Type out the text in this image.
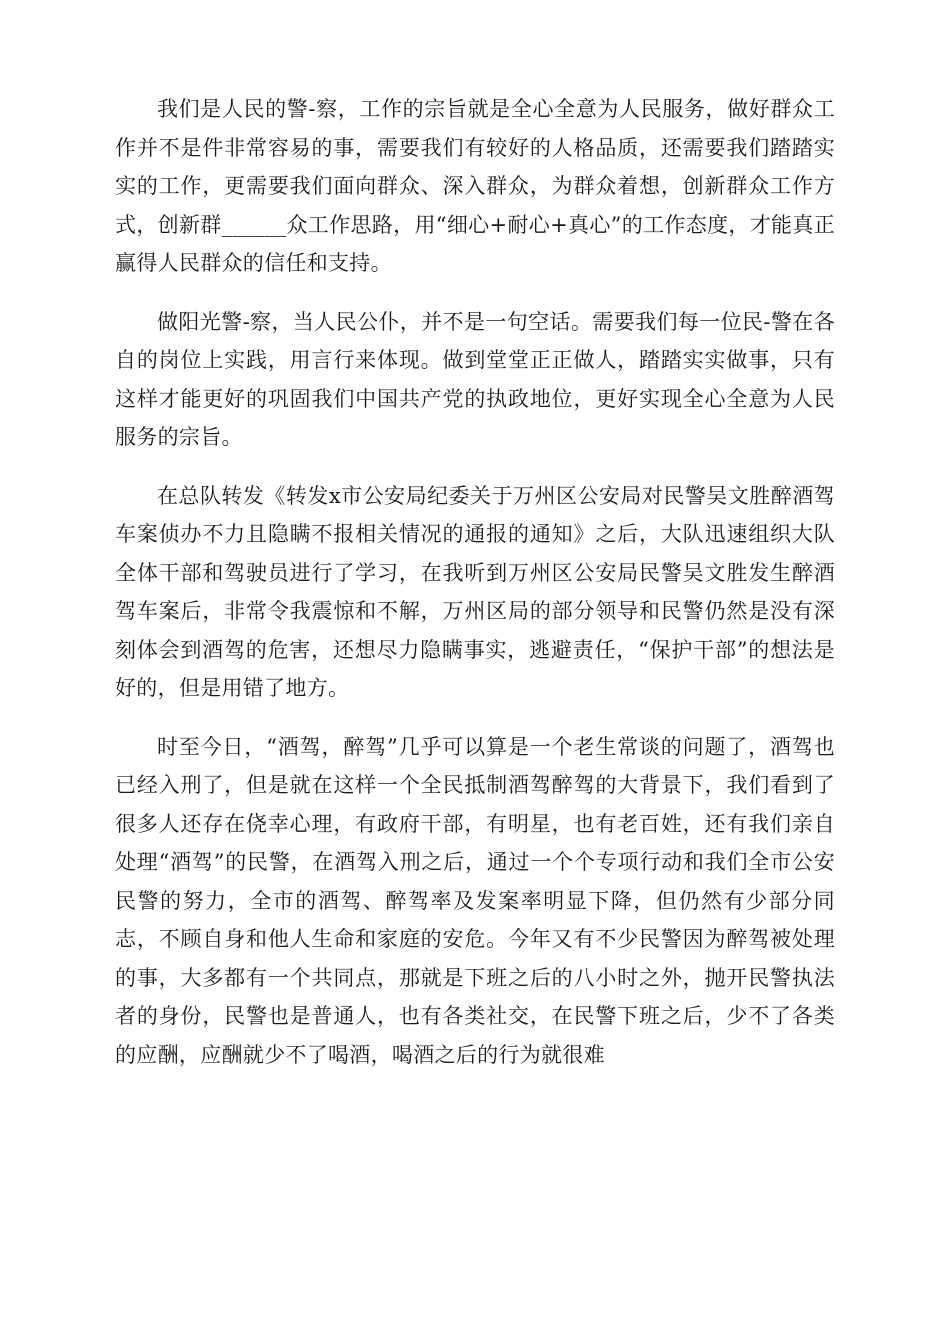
我们是人民的警-察，工作的宗旨就是全心全意为人民服务，做好群众工作并不是件非常容易的事，需要我们有较好的人格品质，还需要我们踏踏实实的工作，更需要我们面向群众、深入群众，为群众着想，创新群众工作方式，创新群______众工作思路，用“细心+耐心+真心”的工作态度，才能真正赢得人民群众的信任和支持。

做阳光警-察，当人民公仆，并不是一句空话。需要我们每一位民-警在各自的岗位上实践，用言行来体现。做到堂堂正正做人，踏踏实实做事，只有这样才能更好的巩固我们中国共产党的执政地位，更好实现全心全意为人民服务的宗旨。

在总队转发《转发x市公安局纪委关于万州区公安局对民警吴文胜醉酒驾车案侦办不力且隐瞒不报相关情况的通报的通知》之后，大队迅速组织大队全体干部和驾驶员进行了学习，在我听到万州区公安局民警吴文胜发生醉酒驾车案后，非常令我震惊和不解，万州区局的部分领导和民警仍然是没有深刻体会到酒驾的危害，还想尽力隐瞒事实，逃避责任，“保护干部”的想法是好的，但是用错了地方。

时至今日，“酒驾，醉驾”几乎可以算是一个老生常谈的问题了，酒驾也已经入刑了，但是就在这样一个全民抵制酒驾醉驾的大背景下，我们看到了很多人还存在侥幸心理，有政府干部，有明星，也有老百姓，还有我们亲自处理“酒驾”的民警，在酒驾入刑之后，通过一个个专项行动和我们全市公安民警的努力，全市的酒驾、醉驾率及发案率明显下降，但仍然有少部分同志，不顾自身和他人生命和家庭的安危。今年又有不少民警因为醉驾被处理的事，大多都有一个共同点，那就是下班之后的八小时之外，抛开民警执法者的身份，民警也是普通人，也有各类社交，在民警下班之后，少不了各类的应酬，应酬就少不了喝酒，喝酒之后的行为就很难
